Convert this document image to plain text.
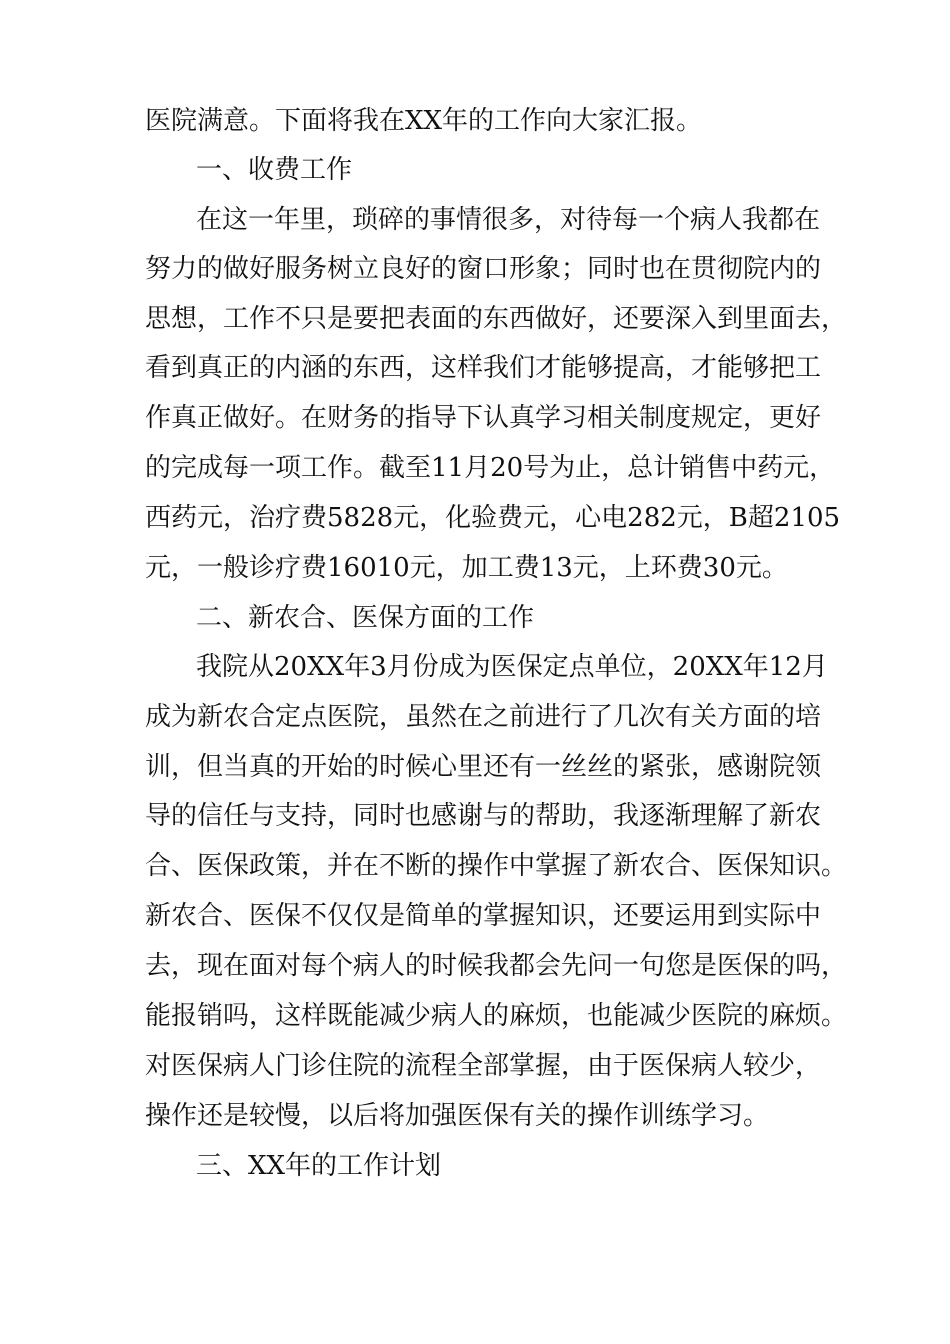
医院满意。下面将我在XX年的工作向大家汇报。
一、收费工作
在这一年里，琐碎的事情很多，对待每一个病人我都在
努力的做好服务树立良好的窗口形象；同时也在贯彻院内的
思想，工作不只是要把表面的东西做好，还要深入到里面去，
看到真正的内涵的东西，这样我们才能够提高，才能够把工
作真正做好。在财务的指导下认真学习相关制度规定，更好
的完成每一项工作。截至11月20号为止，总计销售中药元，
西药元，治疗费5828元，化验费元，心电282元，B超2105
元，一般诊疗费16010元，加工费13元，上环费30元。
二、新农合、医保方面的工作
我院从20XX年3月份成为医保定点单位，20XX年12月
成为新农合定点医院，虽然在之前进行了几次有关方面的培
训，但当真的开始的时候心里还有一丝丝的紧张，感谢院领
导的信任与支持，同时也感谢与的帮助，我逐渐理解了新农
合、医保政策，并在不断的操作中掌握了新农合、医保知识。
新农合、医保不仅仅是简单的掌握知识，还要运用到实际中
去，现在面对每个病人的时候我都会先问一句您是医保的吗，
能报销吗，这样既能减少病人的麻烦，也能减少医院的麻烦。
对医保病人门诊住院的流程全部掌握，由于医保病人较少，
操作还是较慢，以后将加强医保有关的操作训练学习。
三、XX年的工作计划
